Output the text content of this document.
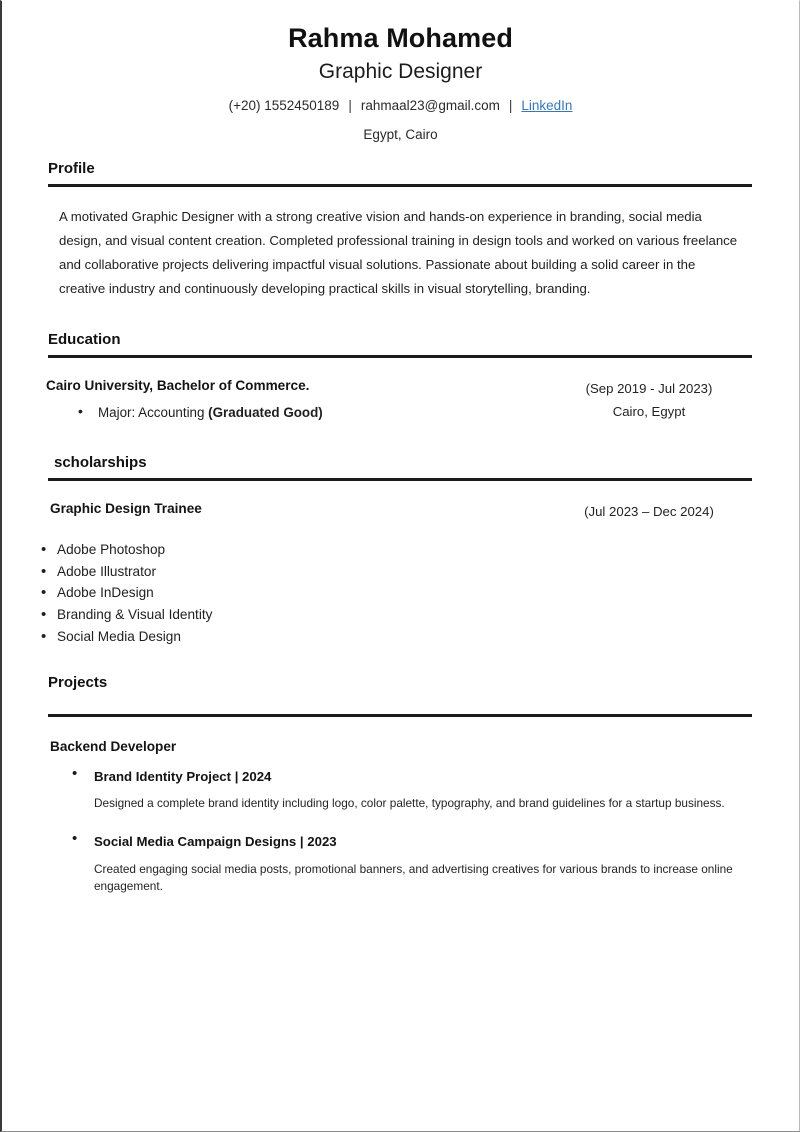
Rahma Mohamed
Graphic Designer
(+20) 1552450189 | rahmaal23@gmail.com | LinkedIn
Egypt, Cairo
Profile

A motivated Graphic Designer with a strong creative vision and hands-on experience in branding, social media design, and visual content creation. Completed professional training in design tools and worked on various freelance and collaborative projects delivering impactful visual solutions. Passionate about building a solid career in the creative industry and continuously developing practical skills in visual storytelling, branding.

Education
Cairo University, Bachelor of Commerce.
• Major: Accounting (Graduated Good)
(Sep 2019 - Jul 2023)
Cairo, Egypt
scholarships
Graphic Design Trainee	(Jul 2023 – Dec 2024)
• Adobe Photoshop
• Adobe Illustrator
• Adobe InDesign
• Branding & Visual Identity
• Social Media Design
Projects
Backend Developer
• Brand Identity Project | 2024
Designed a complete brand identity including logo, color palette, typography, and brand guidelines for a startup business.
• Social Media Campaign Designs | 2023
Created engaging social media posts, promotional banners, and advertising creatives for various brands to increase online engagement.
